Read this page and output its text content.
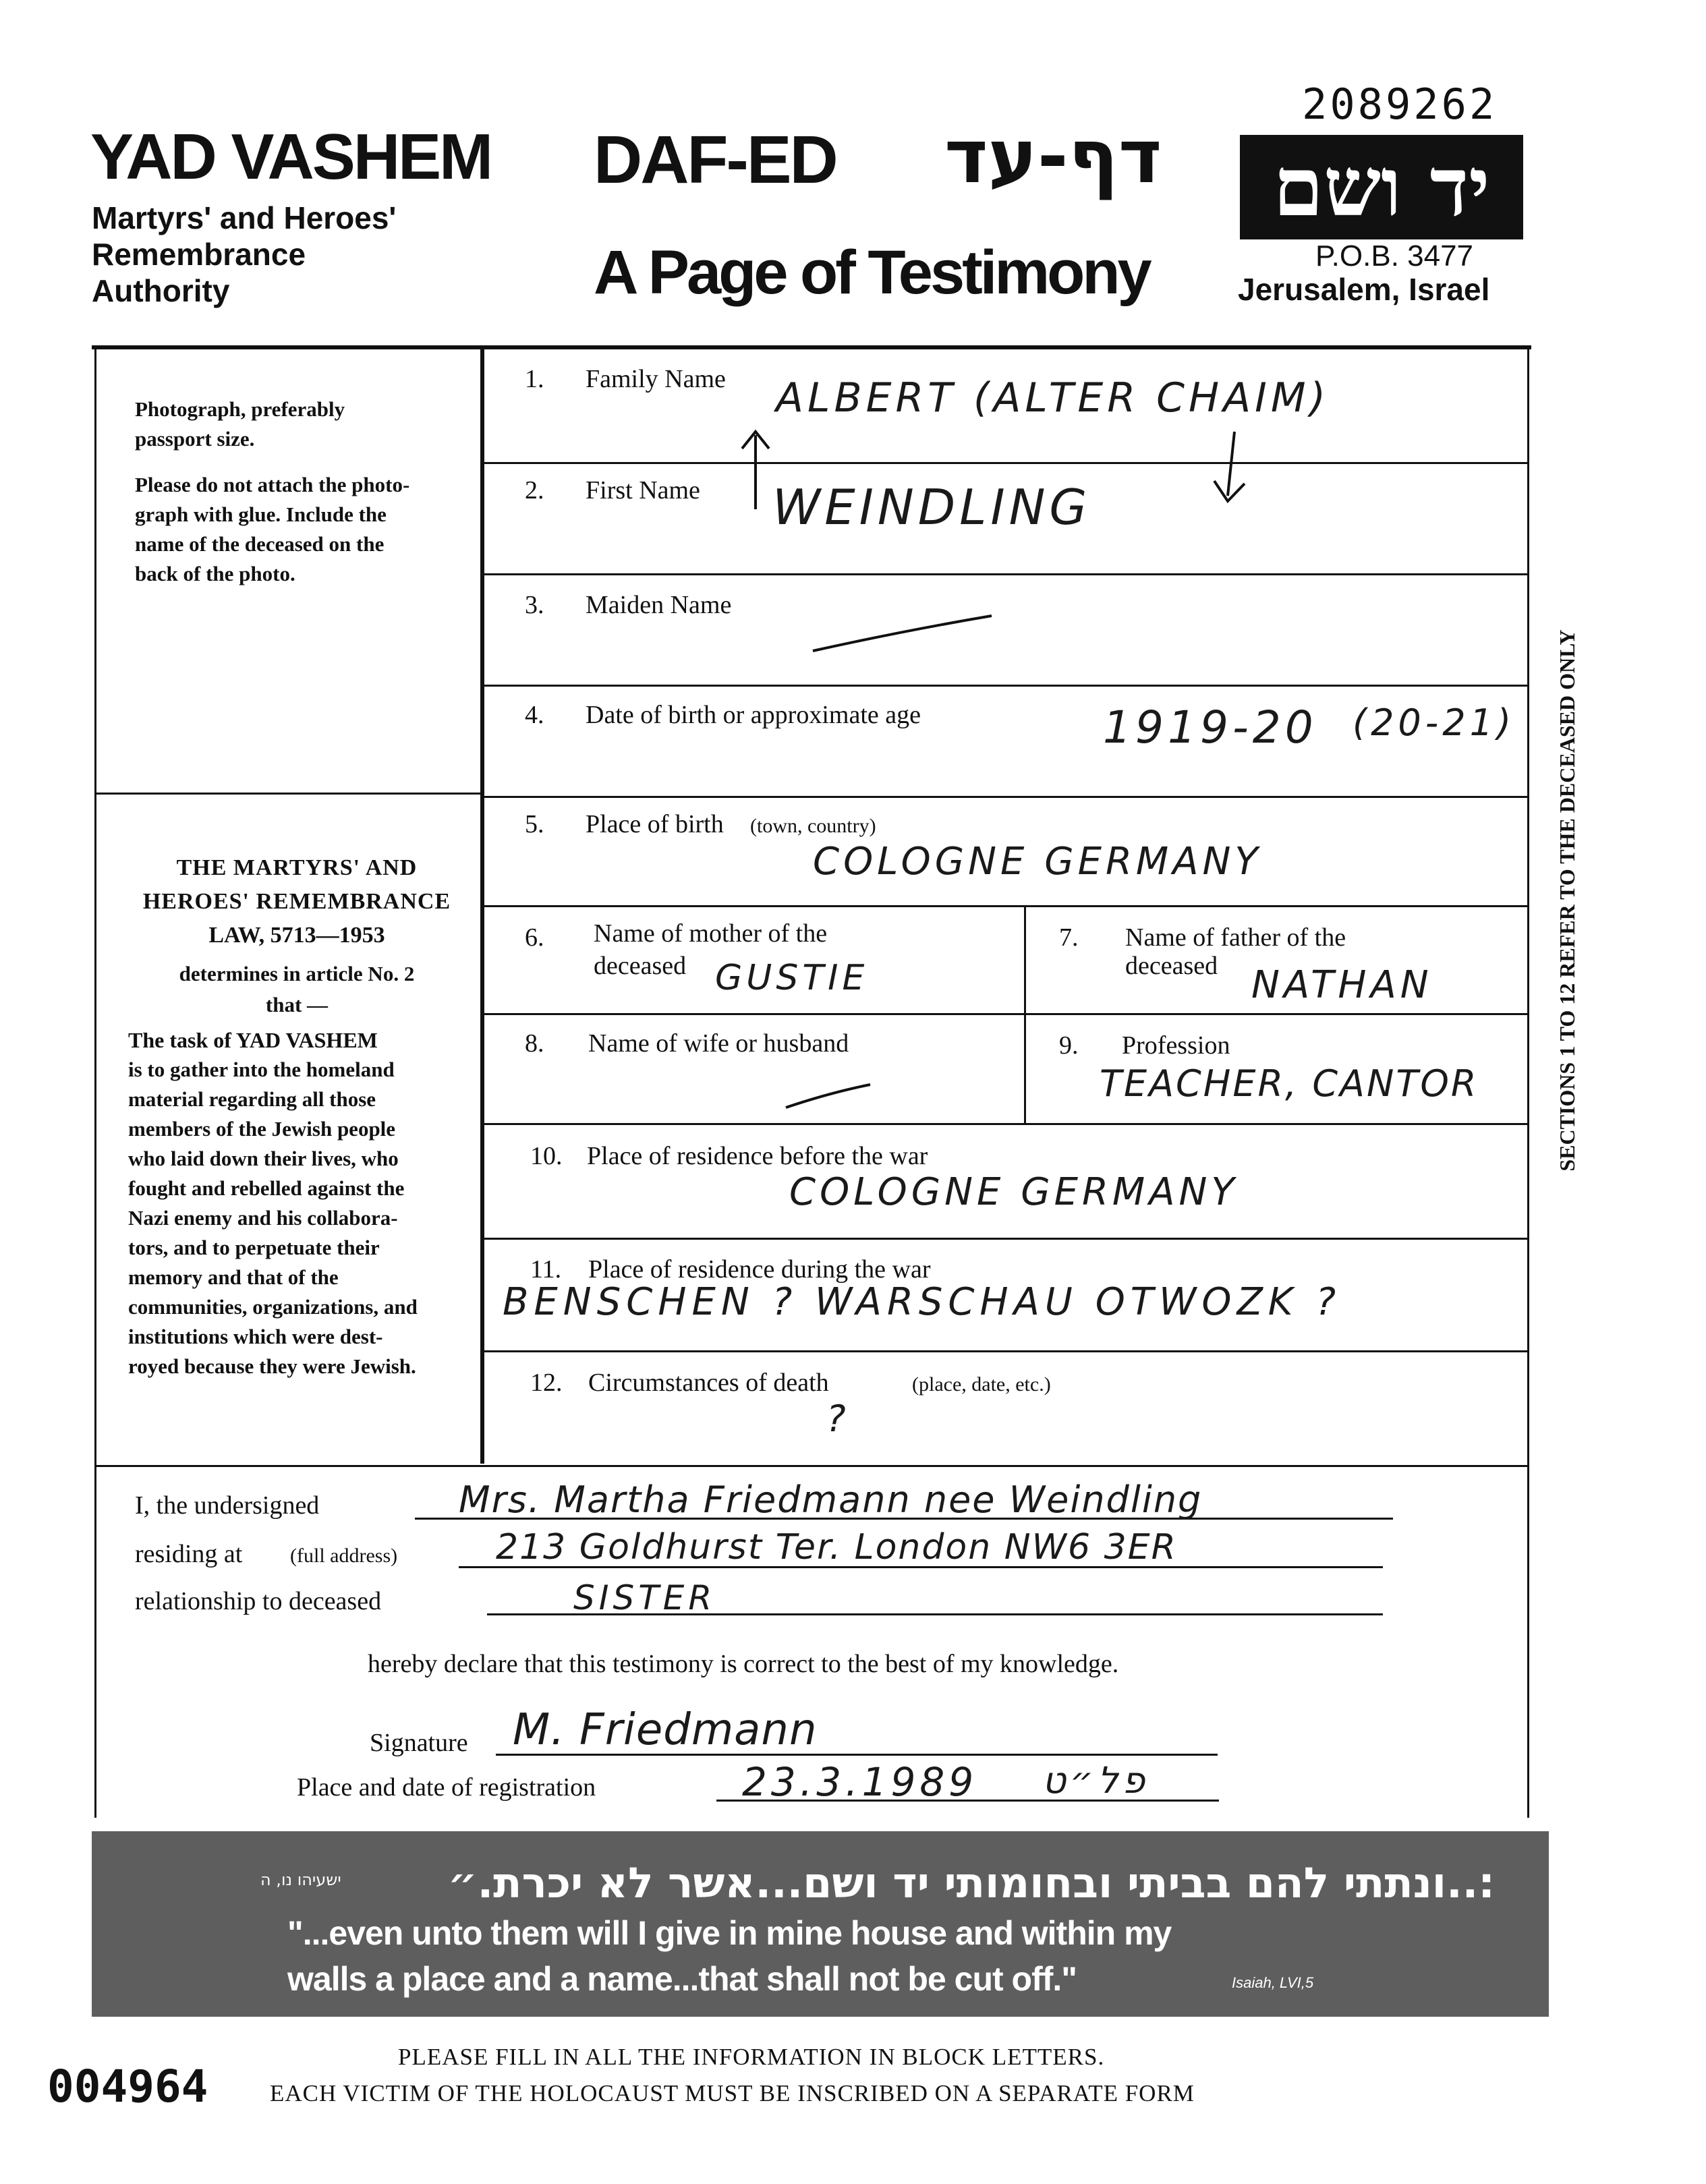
2089262
YAD VASHEM
Martyrs' and Heroes'
Remembrance
Authority
DAF-ED דף-עד
A Page of Testimony
יד ושם
P.O.B. 3477
Jerusalem, Israel
Photograph, preferably
passport size.
Please do not attach the photo-
graph with glue. Include the
name of the deceased on the
back of the photo.
THE MARTYRS' AND
HEROES' REMEMBRANCE
LAW, 5713—1953
determines in article No. 2
that —
The task of YAD VASHEM
is to gather into the homeland
material regarding all those
members of the Jewish people
who laid down their lives, who
fought and rebelled against the
Nazi enemy and his collabora-
tors, and to perpetuate their
memory and that of the
communities, organizations, and
institutions which were dest-
royed because they were Jewish.
1. Family Name ALBERT (ALTER CHAIM)
2. First Name WEINDLING
3. Maiden Name
4. Date of birth or approximate age	1919-20 (20-21)
5. Place of birth (town, country)
COLOGNE GERMANY
6. Name of mother of the
deceased GUSTIE
7. Name of father of the
deceased NATHAN
8. Name of wife or husband	9. Profession
TEACHER, CANTOR
10. Place of residence before the war
COLOGNE GERMANY
11. Place of residence during the war
BENSCHEN ? WARSCHAU OTWOZK ?
12. Circumstances of death	(place, date, etc.)
?
SECTIONS 1 TO 12 REFER TO THE DECEASED ONLY
I, the undersigned	Mrs. Martha Friedmann nee Weindling
residing at (full address)	213 Goldhurst Ter. London NW6 3ER
relationship to deceased	SISTER
hereby declare that this testimony is correct to the best of my knowledge.
Signature M. Friedmann
Place and date of registration	23.3.1989 פל״ט
:..ונתתי להם בביתי ובחומותי יד ושם...אשר לא יכרת.״
ישעיהו נו, ה
"...even unto them will I give in mine house and within my
walls a place and a name...that shall not be cut off."	Isaiah, LVI,5
PLEASE FILL IN ALL THE INFORMATION IN BLOCK LETTERS.
EACH VICTIM OF THE HOLOCAUST MUST BE INSCRIBED ON A SEPARATE FORM
004964
